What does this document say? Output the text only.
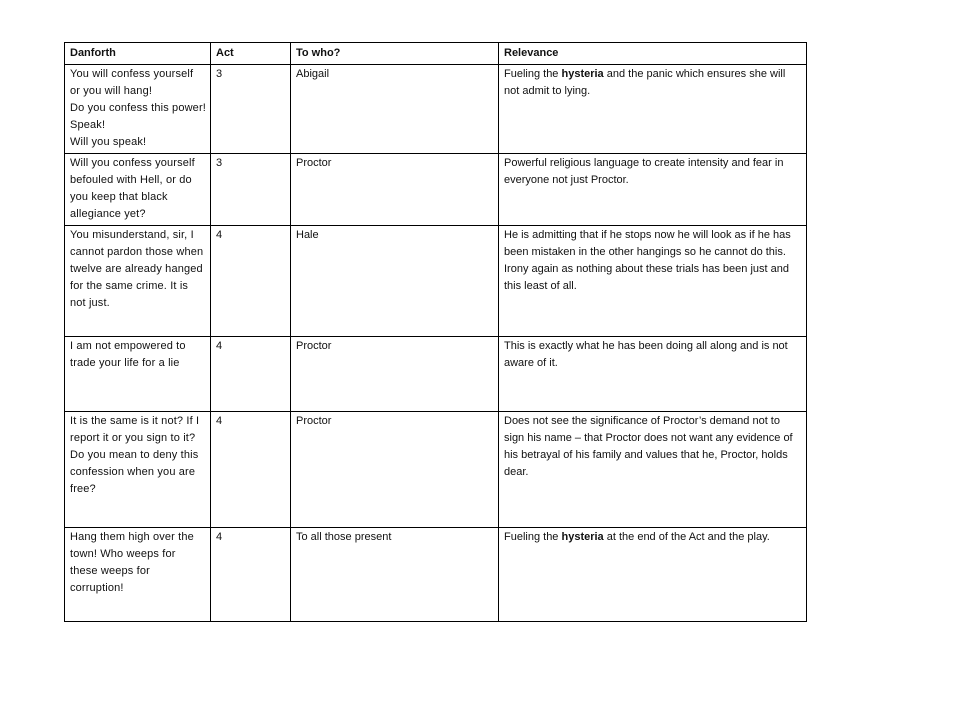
Danforth	Act	To who?	Relevance

You will confess yourself or you will hang!
Do you confess this power! Speak!
Will you speak!	3	Abigail	Fueling the hysteria and the panic which ensures she will not admit to lying.

Will you confess yourself befouled with Hell, or do you keep that black allegiance yet?	3	Proctor	Powerful religious language to create intensity and fear in everyone not just Proctor.

You misunderstand, sir, I cannot pardon those when twelve are already hanged for the same crime. It is not just.	4	Hale	He is admitting that if he stops now he will look as if he has been mistaken in the other hangings so he cannot do this. Irony again as nothing about these trials has been just and this least of all.

I am not empowered to trade your life for a lie	4	Proctor	This is exactly what he has been doing all along and is not aware of it.

It is the same is it not? If I report it or you sign to it? Do you mean to deny this confession when you are free?	4	Proctor	Does not see the significance of Proctor’s demand not to sign his name – that Proctor does not want any evidence of his betrayal of his family and values that he, Proctor, holds dear.

Hang them high over the town! Who weeps for these weeps for corruption!	4	To all those present	Fueling the hysteria at the end of the Act and the play.
